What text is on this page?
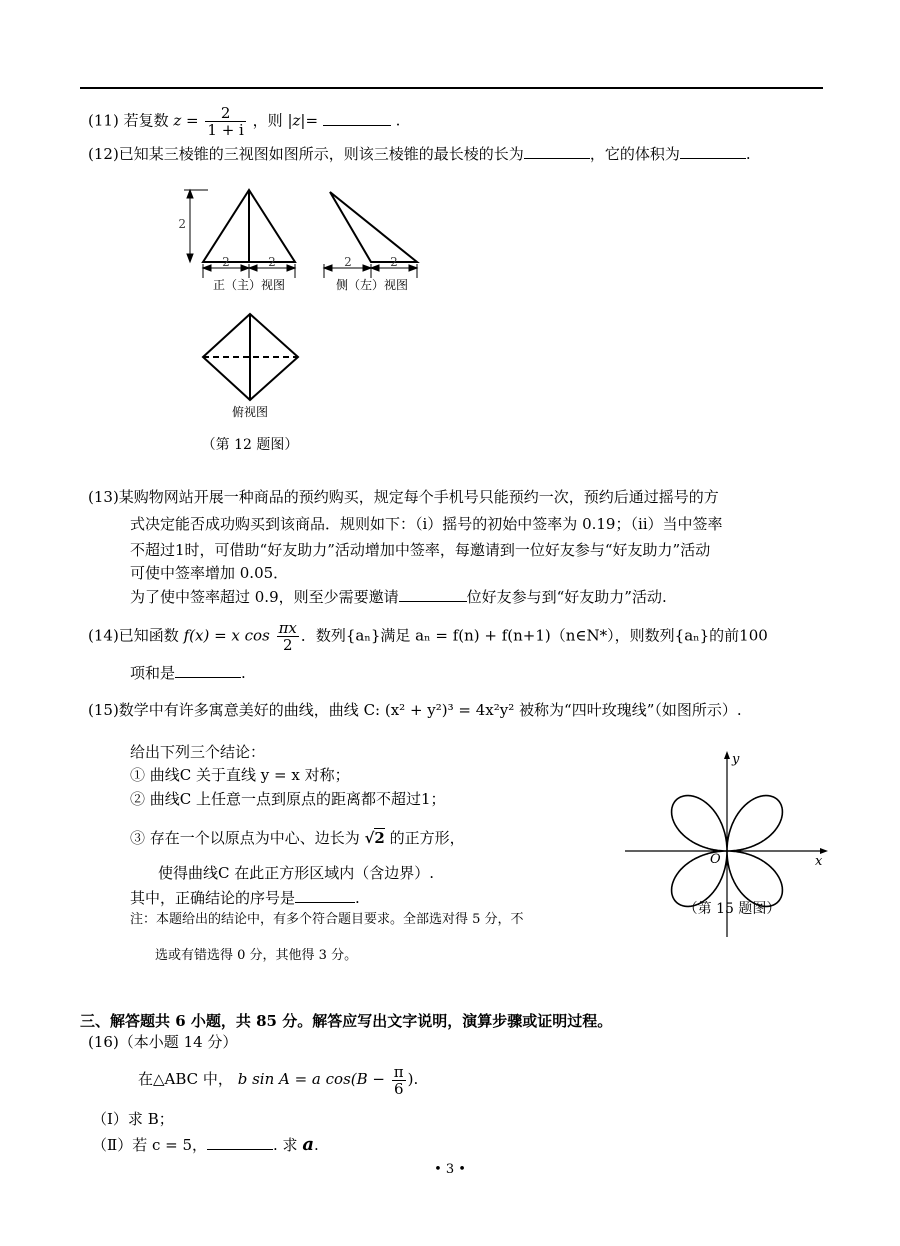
(11) 若复数 $z = \frac{2}{1 + i}$ ，则 |z|=	.
(12)已知某三棱锥的三视图如图所示，则该三棱锥的最长棱的长为	，它的体积为	.
2
2	2
正（主）视图
2	2
侧（左）视图
俯视图
（第 12 题图）
(13)某购物网站开展一种商品的预约购买，规定每个手机号只能预约一次，预约后通过摇号的方
式决定能否成功购买到该商品．规则如下：（ⅰ）摇号的初始中签率为 0.19；（ⅱ）当中签率
不超过1时，可借助“好友助力”活动增加中签率，每邀请到一位好友参与“好友助力”活动
可使中签率增加 0.05．
为了使中签率超过 0.9，则至少需要邀请	位好友参与到“好友助力”活动.
(14)已知函数 f(x) = x $\cos \frac{\pi x}{2}$ ．数列{aₙ}满足 aₙ = f(n) + f(n+1)（n∈N*），则数列{aₙ}的前100
项和是	.
(15)数学中有许多寓意美好的曲线，曲线 C: (x² + y²)³ = 4x²y² 被称为“四叶玫瑰线”（如图所示）.
给出下列三个结论：
① 曲线C 关于直线 y = x 对称；
② 曲线C 上任意一点到原点的距离都不超过1；
③ 存在一个以原点为中心、边长为 √2 的正方形，
使得曲线C 在此正方形区域内（含边界）.
其中，正确结论的序号是	.
注：本题给出的结论中，有多个符合题目要求。全部选对得 5 分，不
选或有错选得 0 分，其他得 3 分。
y
x
O
（第 15 题图）
三、解答题共 6 小题，共 85 分。解答应写出文字说明，演算步骤或证明过程。
(16)（本小题 14 分）
在△ABC 中， b sin A = a $\cos(B - \frac{\pi}{6}$ ).
（Ⅰ）求 B；
（Ⅱ）若 c = 5，	. 求 a.
• 3 •
